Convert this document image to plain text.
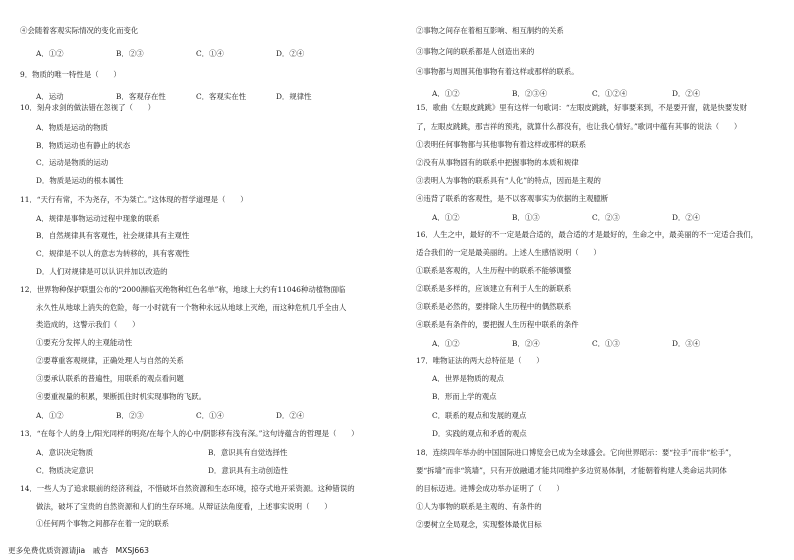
④会随着客观实际情况的变化而变化
A．①②	B．②③	C．①④	D．②④
9．物质的唯一特性是（　　）
A．运动	B．客观存在性	C．客观实在性	D．规律性
10．刻舟求剑的做法错在忽视了（　　）
A．物质是运动的物质
B．物质运动也有静止的状态
C．运动是物质的运动
D．物质是运动的根本属性
11．“天行有常，不为尧存，不为桀亡。”这体现的哲学道理是（　　）
A．规律是事物运动过程中现象的联系
B．自然规律具有客观性，社会规律具有主观性
C．规律是不以人的意志为转移的，具有客观性
D．人们对规律是可以认识并加以改造的
12．世界物种保护联盟公布的“2000濒临灭绝物种红色名单”称，地球上大约有11046种动植物面临
永久性从地球上消失的危险，每一小时就有一个物种永远从地球上灭绝，而这种危机几乎全由人
类造成的，这警示我们（　　）
①要充分发挥人的主观能动性
②要尊重客观规律，正确处理人与自然的关系
③要承认联系的普遍性，用联系的观点看问题
④要重视量的积累，果断抓住时机实现事物的飞跃。
A．①②	B．②③	C．①④	D．②④
13．“在每个人的身上/阳光同样的明亮/在每个人的心中/阴影移有浅有深。”这句诗蕴含的哲理是（　　）
A．意识决定物质	B．意识具有自觉选择性
C．物质决定意识	D．意识具有主动创造性
14．一些人为了追求眼前的经济利益，不惜破坏自然资源和生态环境，掠夺式地开采资源。这种错误的
做法，破坏了宝贵的自然资源和人们的生存环境。从辩证法角度看，上述事实说明（　　）
①任何两个事物之间都存在着一定的联系
②事物之间存在着相互影响、相互制约的关系
③事物之间的联系都是人创造出来的
④事物都与周围其他事物有着这样或那样的联系。
A．①②	B．②③④	C．①②④	D．②④
15．歌曲《左眼皮跳跳》里有这样一句歌词：“左眼皮跳跳，好事要来到，不是要开窗，就是快要发财
了，左眼皮跳跳，那吉祥的预兆，就算什么都没有，也让我心情好。”歌词中蕴有其事的说法（　　）
①表明任何事物都与其他事物有着这样或那样的联系
②没有从事物固有的联系中把握事物的本质和规律
③表明人为事物的联系具有“人化”的特点，因而是主观的
④违背了联系的客观性，是不以客观事实为依据的主观臆断
A．①②	B．①③	C．②③	D．②④
16．人生之中，最好的不一定是最合适的，最合适的才是最好的，生命之中，最美丽的不一定适合我们，
适合我们的一定是最美丽的。上述人生感悟说明（　　）
①联系是客观的，人生历程中的联系不能够调整
②联系是多样的，应该建立有利于人生的新联系
③联系是必然的，要排除人生历程中的偶然联系
④联系是有条件的，要把握人生历程中联系的条件
A．①②	B．②④	C．①③	D．③④
17．唯物证法的两大总特征是（　　）
A．世界是物质的观点
B．形而上学的观点
C．联系的观点和发展的观点
D．实践的观点和矛盾的观点
18．连续四年举办的中国国际进口博览会已成为全球盛会。它向世界昭示：要“拉手”而非“松手”，
要“拆墙”而非“筑墙”，只有开放融通才能共同维护多边贸易体制，才能朝着构建人类命运共同体
的目标迈进。进博会成功举办证明了（　　）
①人为事物的联系是主观的、有条件的
②要树立全局观念，实现整体最优目标
更多免费优质资源请jia　戚杏　MXSJ663
